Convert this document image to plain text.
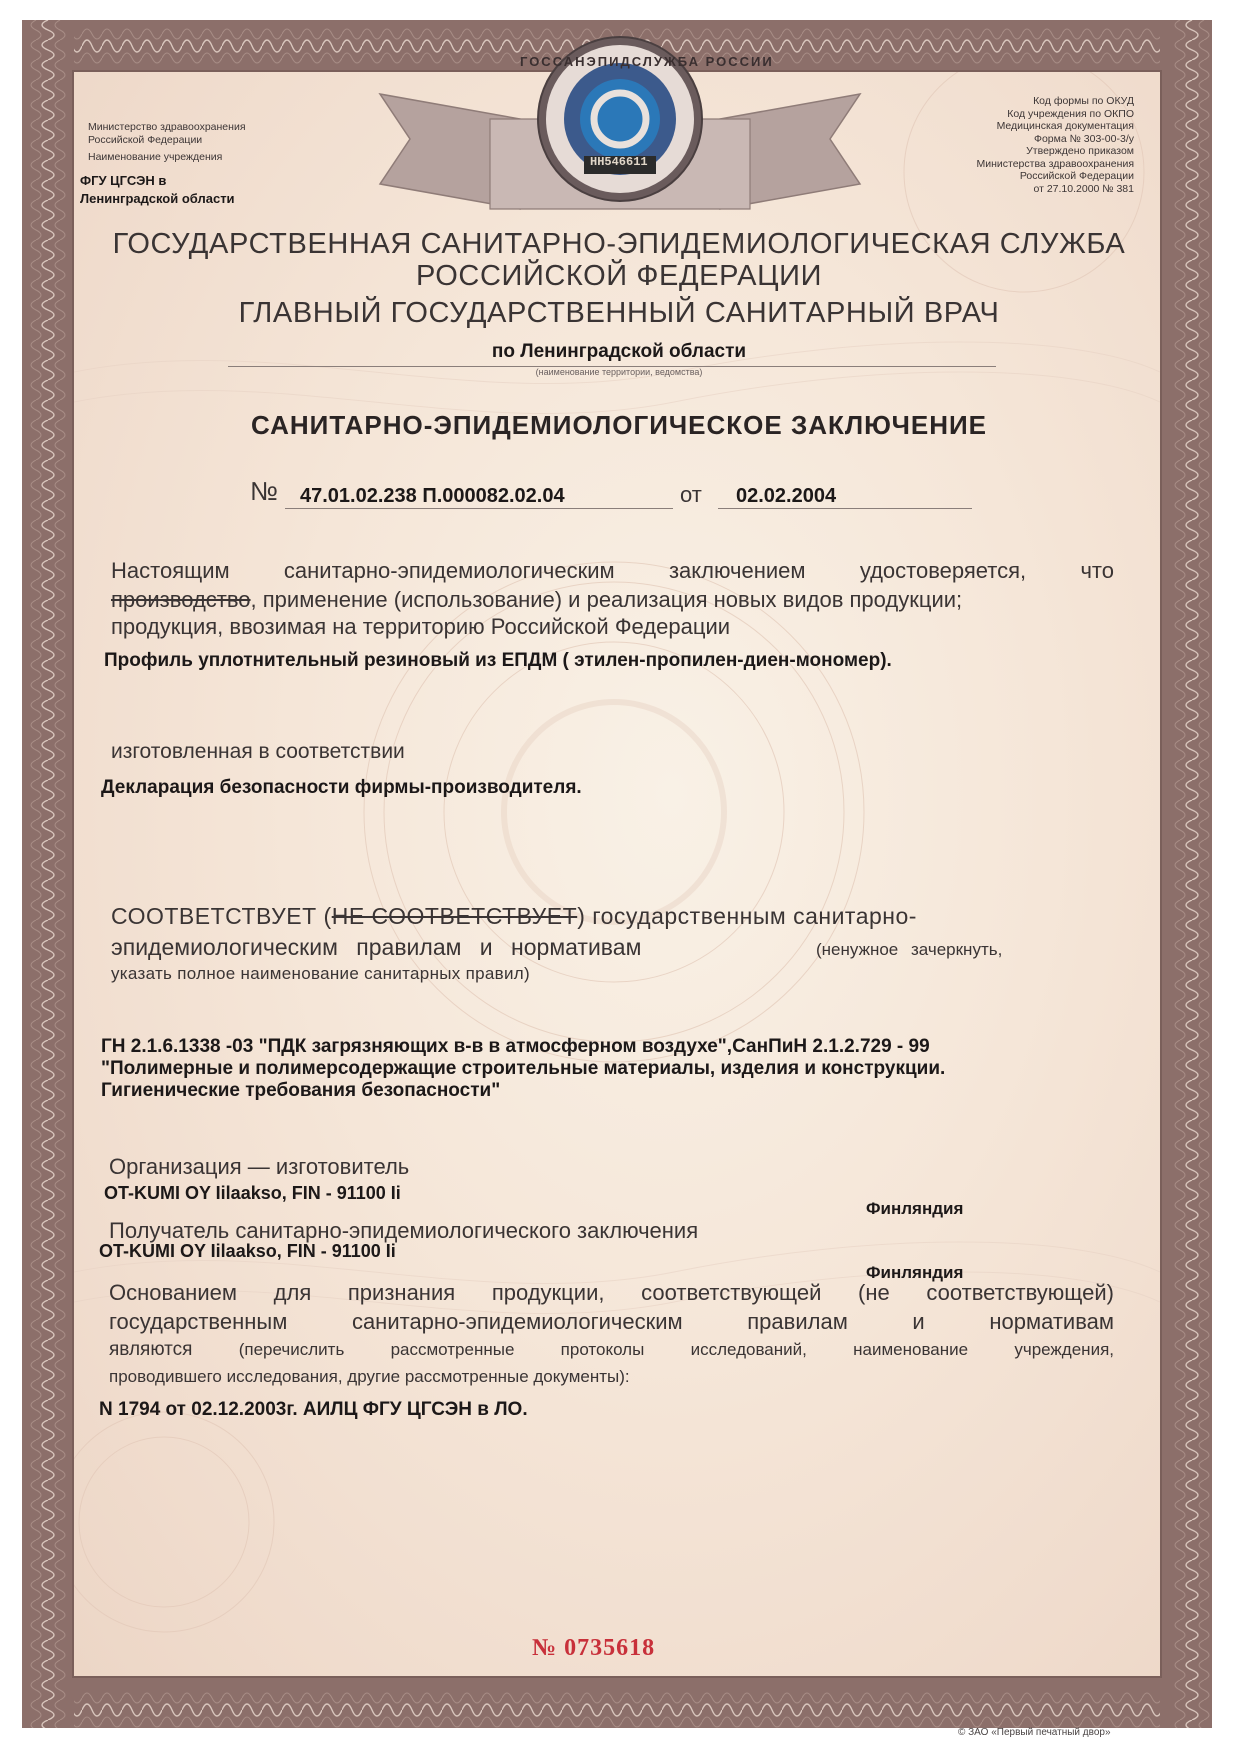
ГОССАНЭПИДСЛУЖБА РОССИИ
HH546611
Министерство здравоохранения
Российской Федерации
Наименование учреждения
ФГУ ЦГСЭН в
Ленинградской области
Код формы по ОКУД
Код учреждения по ОКПО
Медицинская документация
Форма № 303-00-3/у
Утверждено приказом
Министерства здравоохранения
Российской Федерации
от 27.10.2000 № 381
ГОСУДАРСТВЕННАЯ САНИТАРНО-ЭПИДЕМИОЛОГИЧЕСКАЯ СЛУЖБА
РОССИЙСКОЙ ФЕДЕРАЦИИ
ГЛАВНЫЙ ГОСУДАРСТВЕННЫЙ САНИТАРНЫЙ ВРАЧ
по Ленинградской области
(наименование территории, ведомства)
САНИТАРНО-ЭПИДЕМИОЛОГИЧЕСКОЕ ЗАКЛЮЧЕНИЕ
№ 47.01.02.238 П.000082.02.04	от 02.02.2004
Настоящим санитарно-эпидемиологическим заключением удостоверяется, что
производство, применение (использование) и реализация новых видов продукции;
продукция, ввозимая на территорию Российской Федерации
Профиль уплотнительный резиновый из ЕПДМ ( этилен-пропилен-диен-мономер).
изготовленная в соответствии
Декларация безопасности фирмы-производителя.
СООТВЕТСТВУЕТ (НЕ СООТВЕТСТВУЕТ) государственным санитарно-
эпидемиологическим правилам и нормативам	(ненужное зачеркнуть,
указать полное наименование санитарных правил)
ГН 2.1.6.1338 -03 "ПДК загрязняющих в-в в атмосферном воздухе",СанПиН 2.1.2.729 - 99
"Полимерные и полимерсодержащие строительные материалы, изделия и конструкции.
Гигиенические требования безопасности"
Организация — изготовитель
OT-KUMI OY Iilaakso, FIN - 91100 Ii
Финляндия
Получатель санитарно-эпидемиологического заключения
OT-KUMI OY Iilaakso, FIN - 91100 Ii
Финляндия
Основанием для признания продукции, соответствующей (не соответствующей)
государственным санитарно-эпидемиологическим правилам и нормативам
являются	(перечислить рассмотренные протоколы исследований, наименование учреждения,
проводившего исследования, другие рассмотренные документы):
N 1794 от 02.12.2003г. АИЛЦ ФГУ ЦГСЭН в ЛО.
№ 0735618
© ЗАО «Первый печатный двор»
